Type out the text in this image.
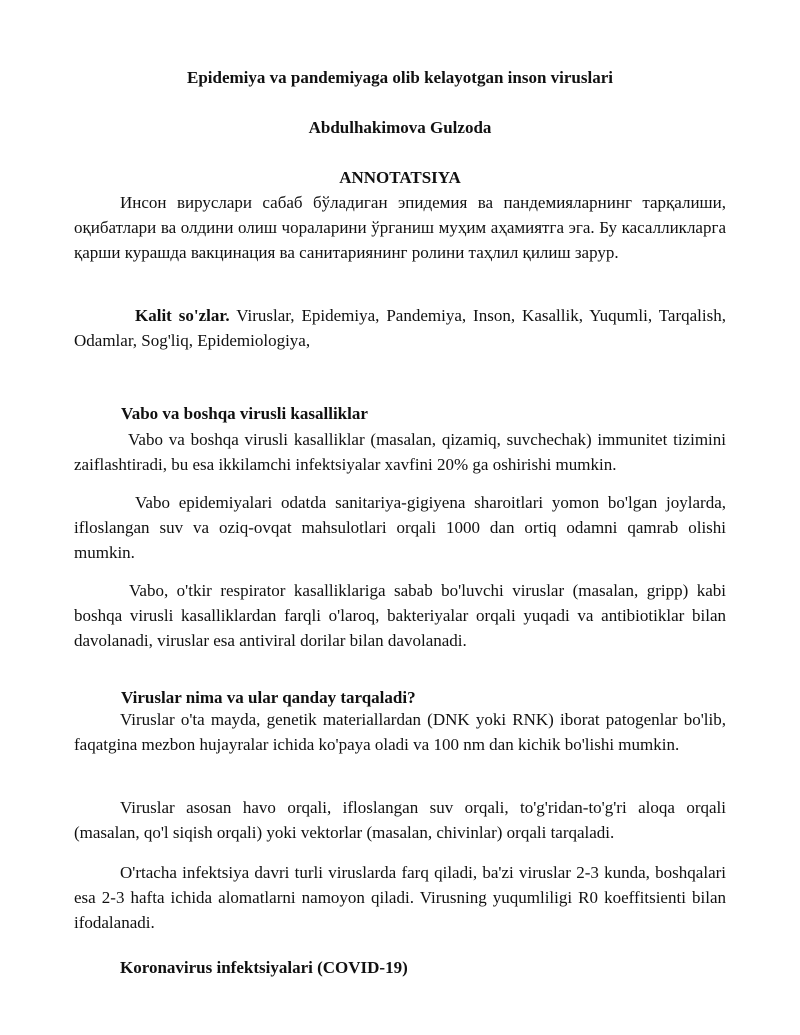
Epidemiya va pandemiyaga olib kelayotgan inson viruslari
Abdulhakimova Gulzoda
ANNOTATSIYA

Инсон вируслари сабаб бўладиган эпидемия ва пандемияларнинг тарқалиши, оқибатлари ва олдини олиш чораларини ўрганиш муҳим аҳамиятга эга. Бу касалликларга қарши курашда вакцинация ва санитариянинг ролини таҳлил қилиш зарур.

Kalit so'zlar. Viruslar, Epidemiya, Pandemiya, Inson, Kasallik, Yuqumli, Tarqalish, Odamlar, Sog'liq, Epidemiologiya,

Vabo va boshqa virusli kasalliklar

Vabo va boshqa virusli kasalliklar (masalan, qizamiq, suvchechak) immunitet tizimini zaiflashtiradi, bu esa ikkilamchi infektsiyalar xavfini 20% ga oshirishi mumkin.

Vabo epidemiyalari odatda sanitariya-gigiyena sharoitlari yomon bo'lgan joylarda, ifloslangan suv va oziq-ovqat mahsulotlari orqali 1000 dan ortiq odamni qamrab olishi mumkin.

Vabo, o'tkir respirator kasalliklariga sabab bo'luvchi viruslar (masalan, gripp) kabi boshqa virusli kasalliklardan farqli o'laroq, bakteriyalar orqali yuqadi va antibiotiklar bilan davolanadi, viruslar esa antiviral dorilar bilan davolanadi.

Viruslar nima va ular qanday tarqaladi?

Viruslar o'ta mayda, genetik materiallardan (DNK yoki RNK) iborat patogenlar bo'lib, faqatgina mezbon hujayralar ichida ko'paya oladi va 100 nm dan kichik bo'lishi mumkin.

Viruslar asosan havo orqali, ifloslangan suv orqali, to'g'ridan-to'g'ri aloqa orqali (masalan, qo'l siqish orqali) yoki vektorlar (masalan, chivinlar) orqali tarqaladi.

O'rtacha infektsiya davri turli viruslarda farq qiladi, ba'zi viruslar 2-3 kunda, boshqalari esa 2-3 hafta ichida alomatlarni namoyon qiladi. Virusning yuqumliligi R0 koeffitsienti bilan ifodalanadi.

Koronavirus infektsiyalari (COVID-19)
